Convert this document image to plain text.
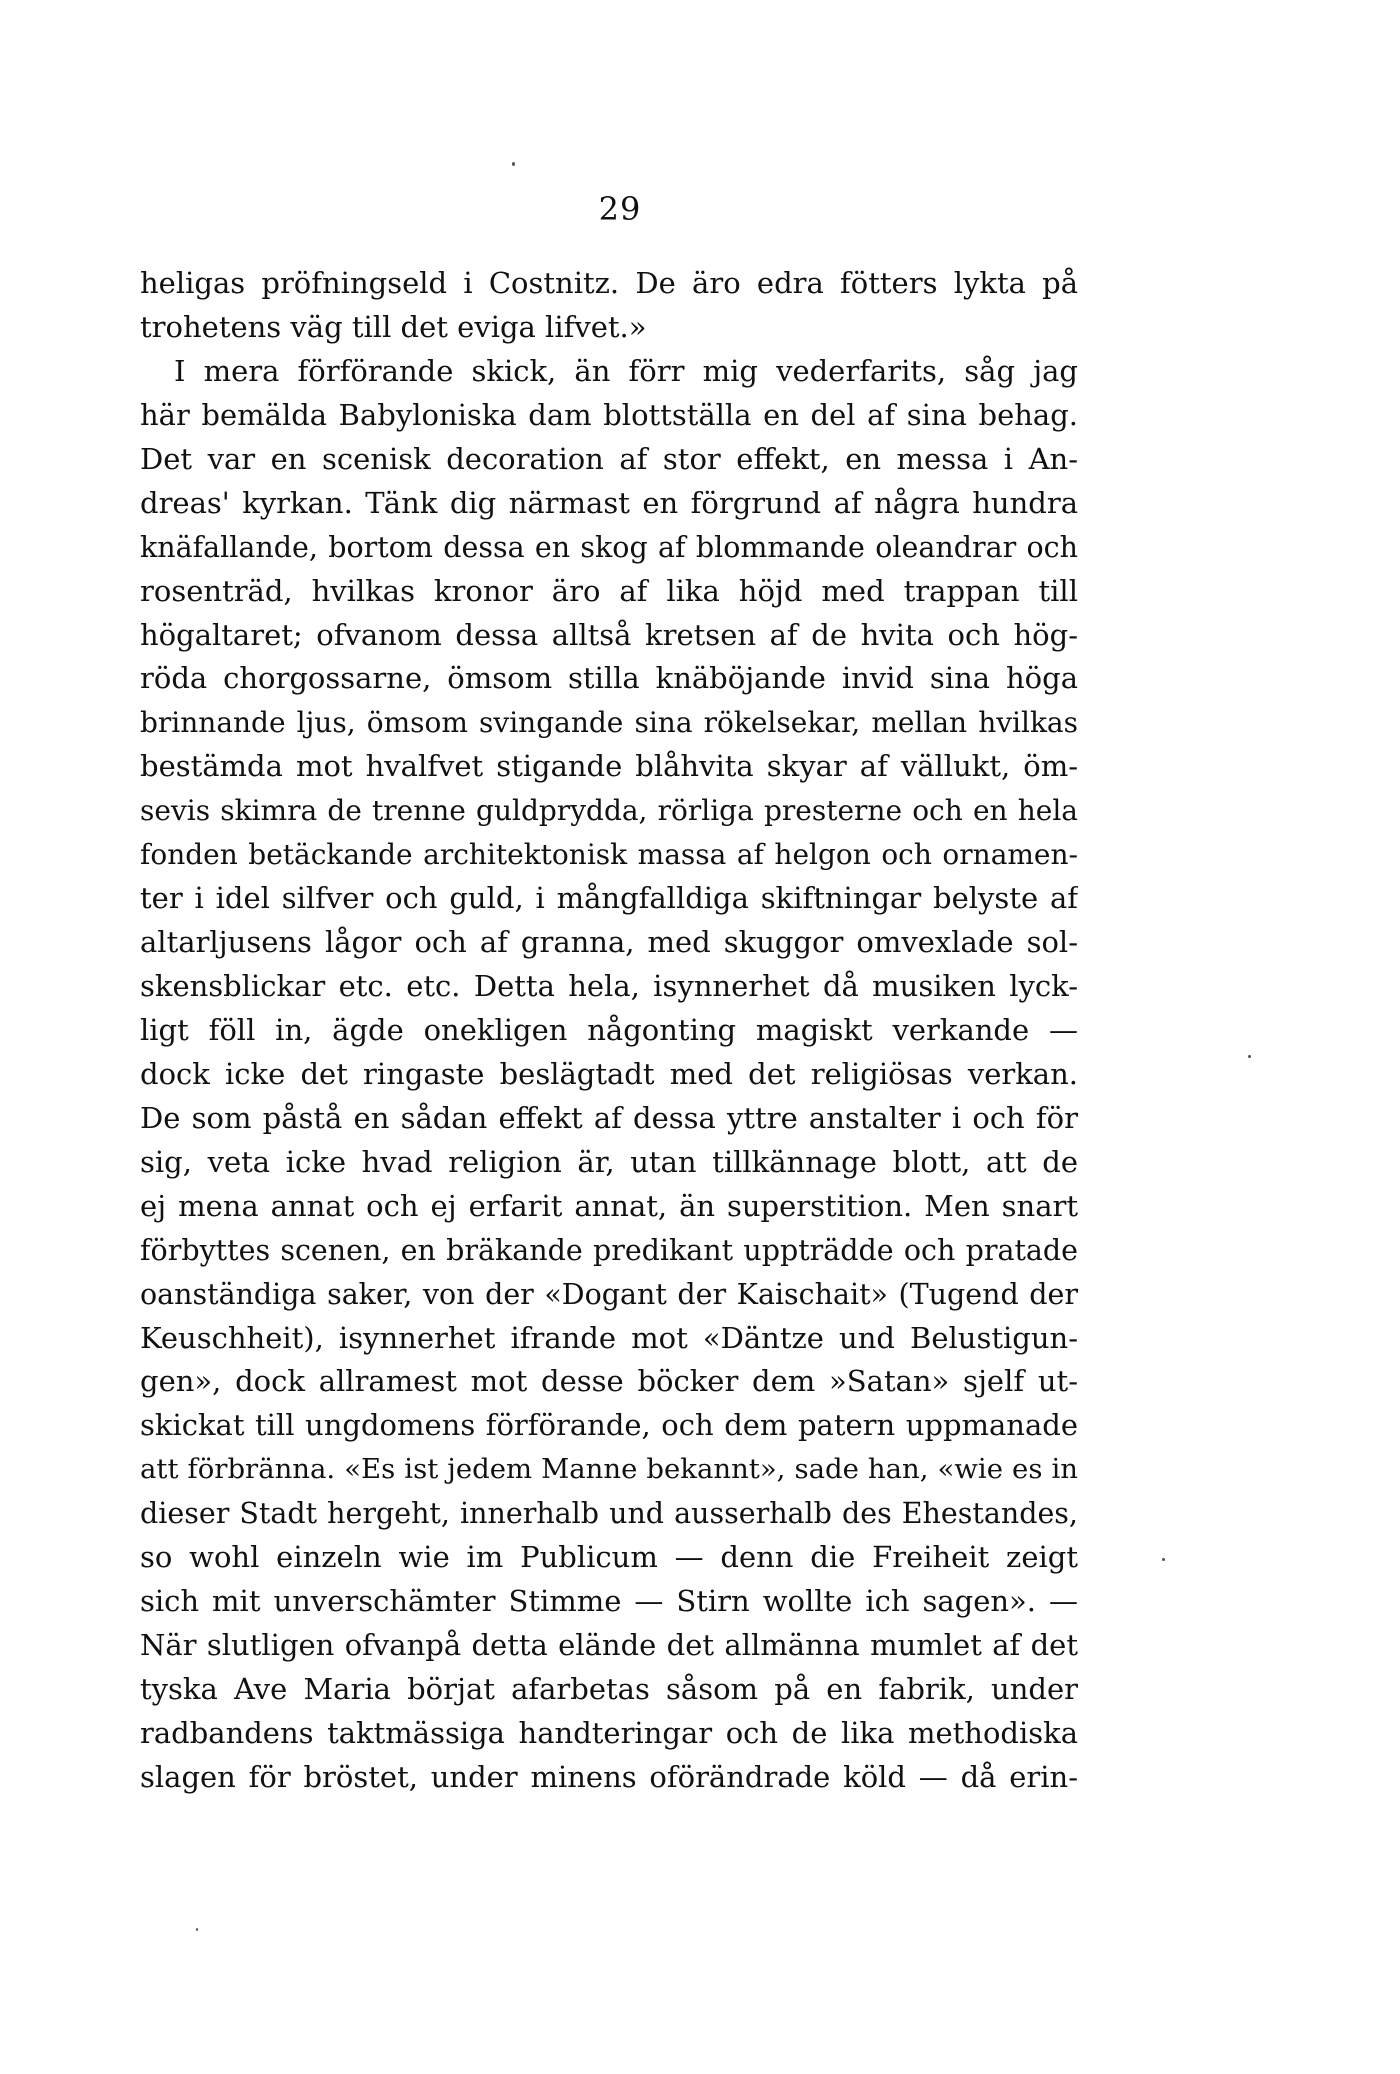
29
heligas pröfningseld i Costnitz. De äro edra fötters lykta på
trohetens väg till det eviga lifvet.»
I mera förförande skick, än förr mig vederfarits, såg jag
här bemälda Babyloniska dam blottställa en del af sina behag.
Det var en scenisk decoration af stor effekt, en messa i An-
dreas' kyrkan. Tänk dig närmast en förgrund af några hundra
knäfallande, bortom dessa en skog af blommande oleandrar och
rosenträd, hvilkas kronor äro af lika höjd med trappan till
högaltaret; ofvanom dessa alltså kretsen af de hvita och hög-
röda chorgossarne, ömsom stilla knäböjande invid sina höga
brinnande ljus, ömsom svingande sina rökelsekar, mellan hvilkas
bestämda mot hvalfvet stigande blåhvita skyar af vällukt, öm-
sevis skimra de trenne guldprydda, rörliga presterne och en hela
fonden betäckande architektonisk massa af helgon och ornamen-
ter i idel silfver och guld, i mångfalldiga skiftningar belyste af
altarljusens lågor och af granna, med skuggor omvexlade sol-
skensblickar etc. etc. Detta hela, isynnerhet då musiken lyck-
ligt föll in, ägde onekligen någonting magiskt verkande —
dock icke det ringaste beslägtadt med det religiösas verkan.
De som påstå en sådan effekt af dessa yttre anstalter i och för
sig, veta icke hvad religion är, utan tillkännage blott, att de
ej mena annat och ej erfarit annat, än superstition. Men snart
förbyttes scenen, en bräkande predikant uppträdde och pratade
oanständiga saker, von der «Dogant der Kaischait» (Tugend der
Keuschheit), isynnerhet ifrande mot «Däntze und Belustigun-
gen», dock allramest mot desse böcker dem »Satan» sjelf ut-
skickat till ungdomens förförande, och dem patern uppmanade
att förbränna. «Es ist jedem Manne bekannt», sade han, «wie es in
dieser Stadt hergeht, innerhalb und ausserhalb des Ehestandes,
so wohl einzeln wie im Publicum — denn die Freiheit zeigt
sich mit unverschämter Stimme — Stirn wollte ich sagen». —
När slutligen ofvanpå detta elände det allmänna mumlet af det
tyska Ave Maria börjat afarbetas såsom på en fabrik, under
radbandens taktmässiga handteringar och de lika methodiska
slagen för bröstet, under minens oförändrade köld — då erin-
